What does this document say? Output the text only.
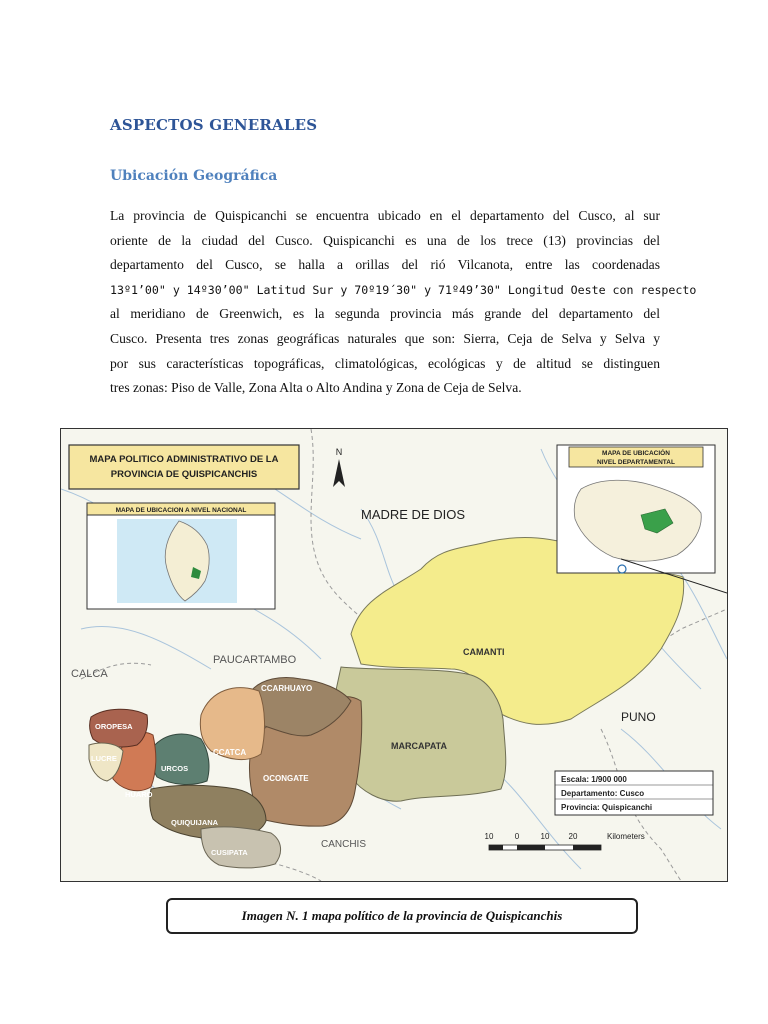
ASPECTOS GENERALES
Ubicación Geográfica
La provincia de Quispicanchi se encuentra ubicado en el departamento del Cusco, al sur
oriente de la ciudad del Cusco. Quispicanchi es una de los trece (13) provincias del
departamento del Cusco, se halla a orillas del rió Vilcanota, entre las coordenadas
13º1’00" y 14º30’00" Latitud Sur y 70º19´30" y 71º49’30" Longitud Oeste con respecto
al meridiano de Greenwich, es la segunda provincia más grande del departamento del
Cusco. Presenta tres zonas geográficas naturales que son: Sierra, Ceja de Selva y Selva y
por sus características topográficas, climatológicas, ecológicas y de altitud se distinguen
tres zonas: Piso de Valle, Zona Alta o Alto Andina y Zona de Ceja de Selva.
MAPA POLITICO ADMINISTRATIVO DE LA
PROVINCIA DE QUISPICANCHIS
MAPA DE UBICACION A NIVEL NACIONAL
MAPA DE UBICACIÓN
NIVEL DEPARTAMENTAL
N
MADRE DE DIOS
PAUCARTAMBO
CALCA
PUNO
CANCHIS
CAMANTI
MARCAPATA
CCARHUAYO
OCONGATE
CCATCA
OROPESA
LUCRE
URCOS
HUARO
QUIQUIJANA
CUSIPATA
Escala: 1/900 000
Departamento: Cusco
Provincia: Quispicanchi
10	0	10 20	Kilometers
Imagen N. 1 mapa político de la provincia de Quispicanchis
